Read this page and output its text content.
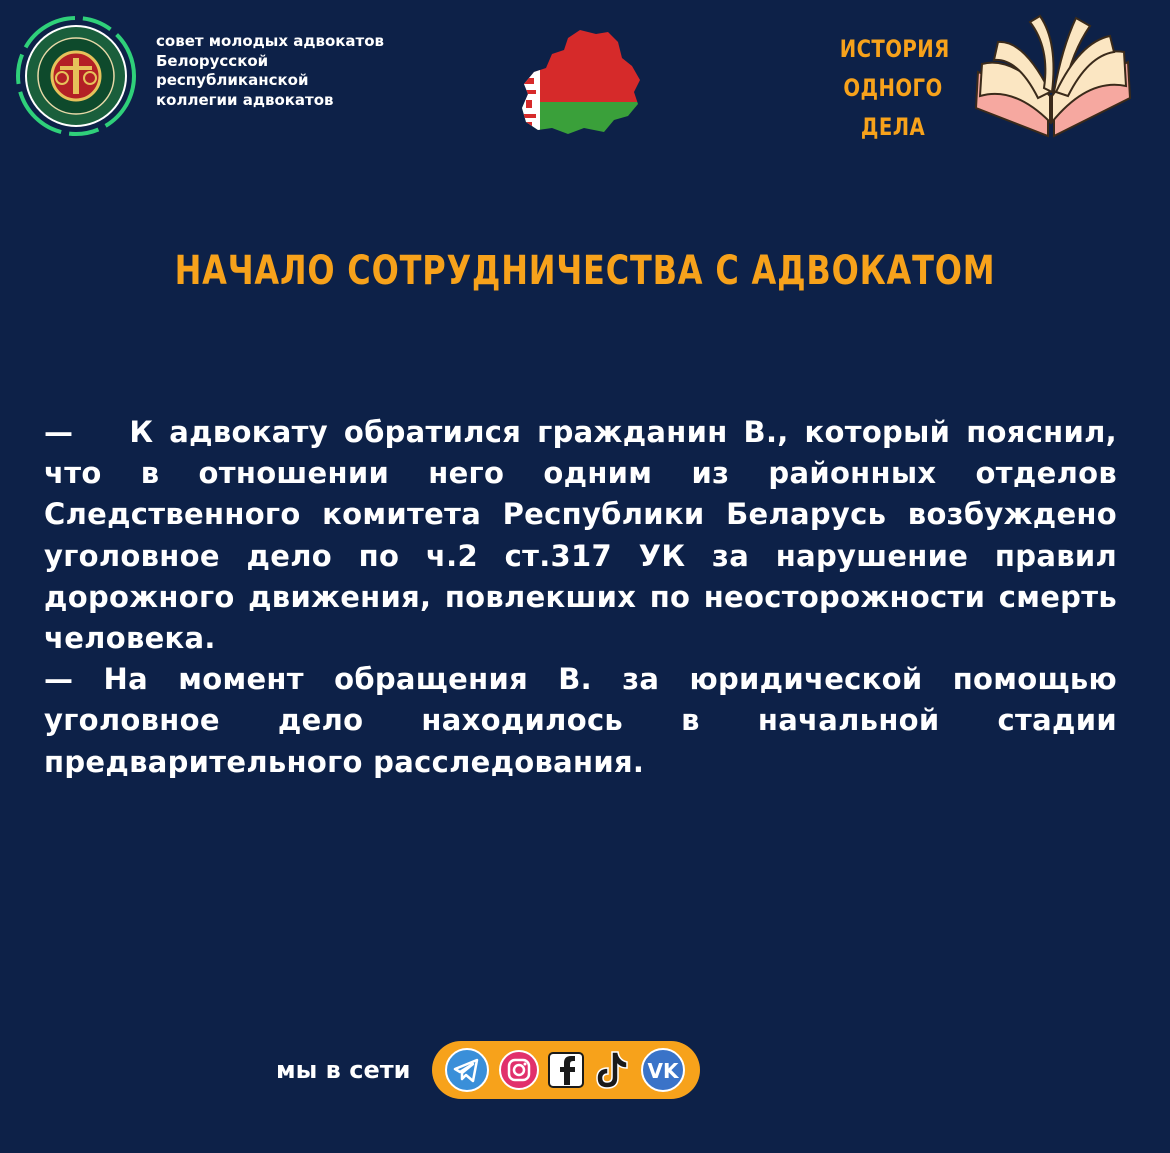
совет молодых адвокатов
Белорусской
республиканской
коллегии адвокатов
ИСТОРИЯ
ОДНОГО
ДЕЛА
НАЧАЛО СОТРУДНИЧЕСТВА С АДВОКАТОМ

— К адвокату обратился гражданин В., который пояснил, что в отношении него одним из районных отделов Следственного комитета Республики Беларусь возбуждено уголовное дело по ч.2 ст.317 УК за нарушение правил дорожного движения, повлекших по неосторожности смерть человека.

— На момент обращения В. за юридической помощью уголовное дело находилось в начальной стадии предварительного расследования.

мы в сети	VK
